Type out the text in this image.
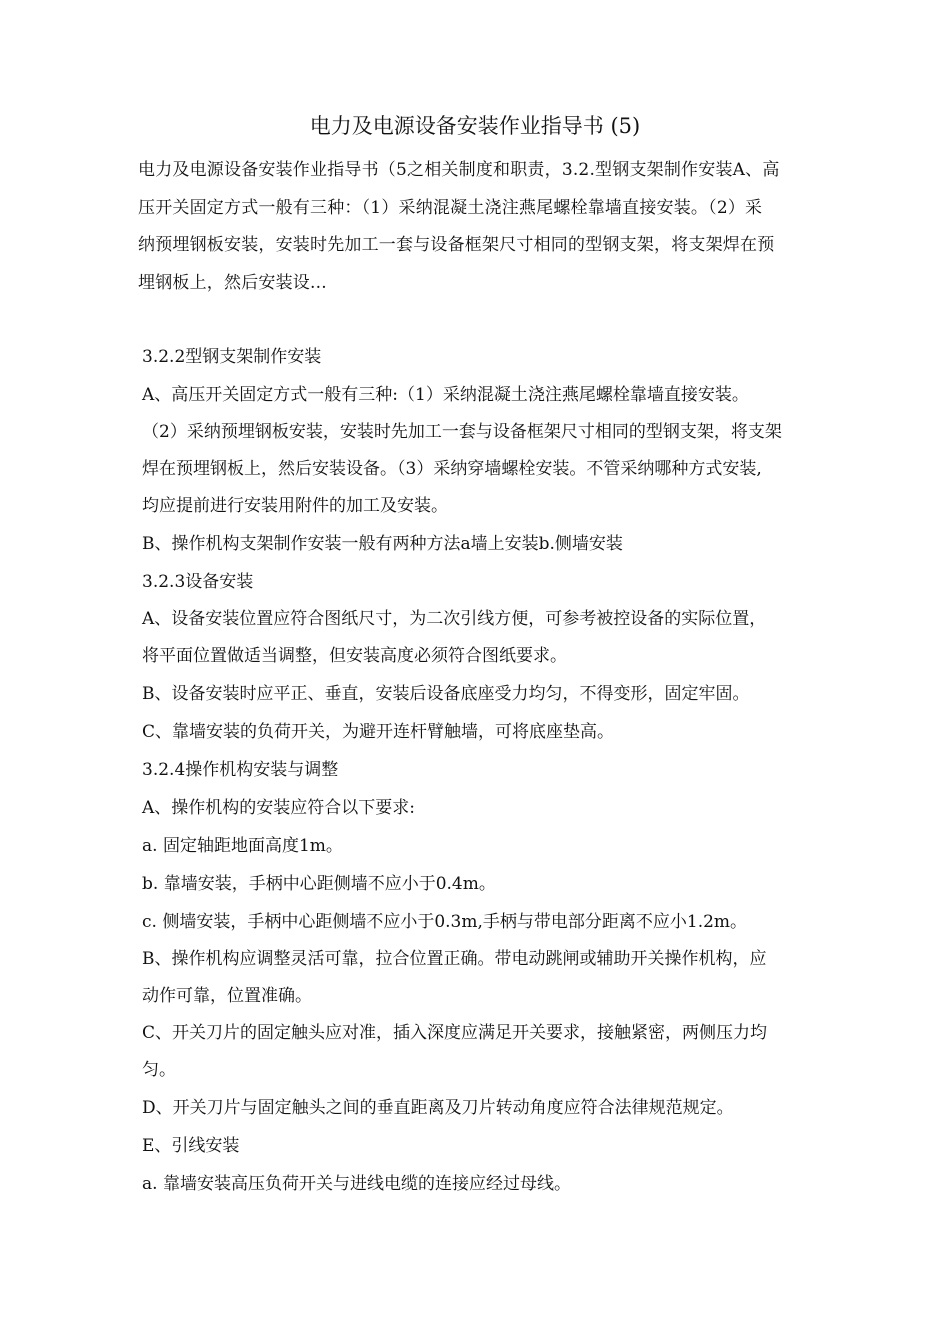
电力及电源设备安装作业指导书 (5)
电力及电源设备安装作业指导书（5之相关制度和职责，3.2.型钢支架制作安装A、高
压开关固定方式一般有三种：（1）采纳混凝土浇注燕尾螺栓靠墙直接安装。（2）采
纳预埋钢板安装，安装时先加工一套与设备框架尺寸相同的型钢支架，将支架焊在预
埋钢板上，然后安装设...
3.2.2型钢支架制作安装
A、高压开关固定方式一般有三种:（1）采纳混凝土浇注燕尾螺栓靠墙直接安装。
（2）采纳预埋钢板安装，安装时先加工一套与设备框架尺寸相同的型钢支架，将支架
焊在预埋钢板上，然后安装设备。（3）采纳穿墙螺栓安装。不管采纳哪种方式安装,
均应提前进行安装用附件的加工及安装。
B、操作机构支架制作安装一般有两种方法a墙上安装b.侧墙安装
3.2.3设备安装
A、设备安装位置应符合图纸尺寸，为二次引线方便，可参考被控设备的实际位置，
将平面位置做适当调整，但安装高度必须符合图纸要求。
B、设备安装时应平正、垂直，安装后设备底座受力均匀，不得变形，固定牢固。
C、靠墙安装的负荷开关，为避开连杆臂触墙，可将底座垫高。
3.2.4操作机构安装与调整
A、操作机构的安装应符合以下要求:
a. 固定轴距地面高度1m。
b. 靠墙安装，手柄中心距侧墙不应小于0.4m。
c. 侧墙安装，手柄中心距侧墙不应小于0.3m,手柄与带电部分距离不应小1.2m。
B、操作机构应调整灵活可靠，拉合位置正确。带电动跳闸或辅助开关操作机构，应
动作可靠，位置准确。
C、开关刀片的固定触头应对准，插入深度应满足开关要求，接触紧密，两侧压力均
匀。
D、开关刀片与固定触头之间的垂直距离及刀片转动角度应符合法律规范规定。
E、引线安装
a. 靠墙安装高压负荷开关与进线电缆的连接应经过母线。
